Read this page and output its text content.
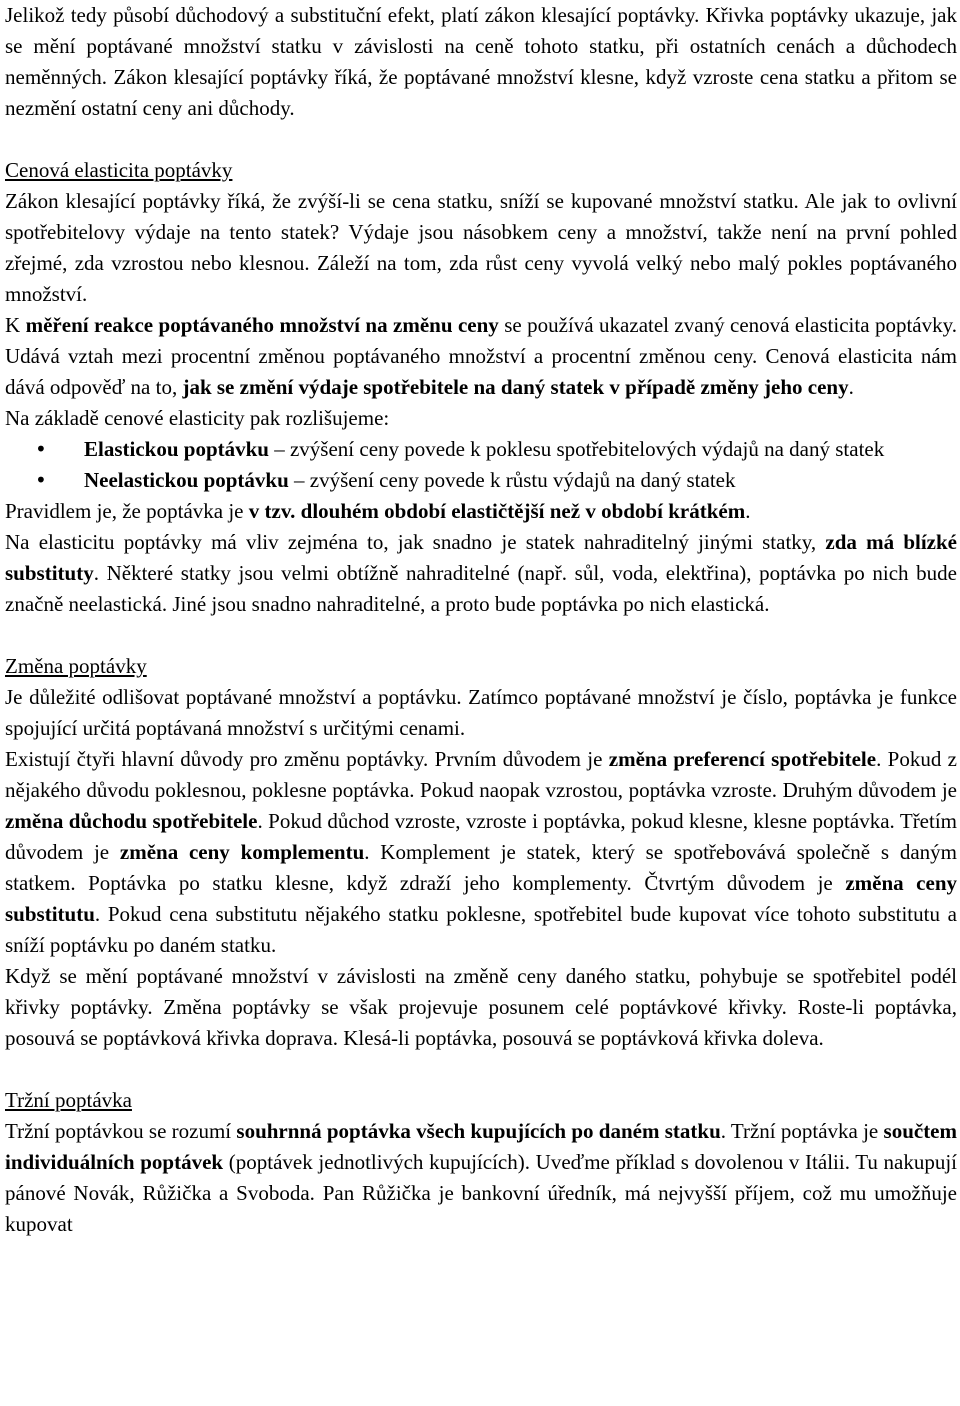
Jelikož tedy působí důchodový a substituční efekt, platí zákon klesající poptávky. Křivka poptávky ukazuje, jak se mění poptávané množství statku v závislosti na ceně tohoto statku, při ostatních cenách a důchodech neměnných. Zákon klesající poptávky říká, že poptávané množství klesne, když vzroste cena statku a přitom se nezmění ostatní ceny ani důchody.

Cenová elasticita poptávky

Zákon klesající poptávky říká, že zvýší-li se cena statku, sníží se kupované množství statku. Ale jak to ovlivní spotřebitelovy výdaje na tento statek? Výdaje jsou násobkem ceny a množství, takže není na první pohled zřejmé, zda vzrostou nebo klesnou. Záleží na tom, zda růst ceny vyvolá velký nebo malý pokles poptávaného množství.

K měření reakce poptávaného množství na změnu ceny se používá ukazatel zvaný cenová elasticita poptávky. Udává vztah mezi procentní změnou poptávaného množství a procentní změnou ceny. Cenová elasticita nám dává odpověď na to, jak se změní výdaje spotřebitele na daný statek v případě změny jeho ceny.

Na základě cenové elasticity pak rozlišujeme:

• Elastickou poptávku – zvýšení ceny povede k poklesu spotřebitelových výdajů na daný statek
• Neelastickou poptávku – zvýšení ceny povede k růstu výdajů na daný statek

Pravidlem je, že poptávka je v tzv. dlouhém období elastičtější než v období krátkém.

Na elasticitu poptávky má vliv zejména to, jak snadno je statek nahraditelný jinými statky, zda má blízké substituty. Některé statky jsou velmi obtížně nahraditelné (např. sůl, voda, elektřina), poptávka po nich bude značně neelastická. Jiné jsou snadno nahraditelné, a proto bude poptávka po nich elastická.

Změna poptávky

Je důležité odlišovat poptávané množství a poptávku. Zatímco poptávané množství je číslo, poptávka je funkce spojující určitá poptávaná množství s určitými cenami.

Existují čtyři hlavní důvody pro změnu poptávky. Prvním důvodem je změna preferencí spotřebitele. Pokud z nějakého důvodu poklesnou, poklesne poptávka. Pokud naopak vzrostou, poptávka vzroste. Druhým důvodem je změna důchodu spotřebitele. Pokud důchod vzroste, vzroste i poptávka, pokud klesne, klesne poptávka. Třetím důvodem je změna ceny komplementu. Komplement je statek, který se spotřebovává společně s daným statkem. Poptávka po statku klesne, když zdraží jeho komplementy. Čtvrtým důvodem je změna ceny substitutu. Pokud cena substitutu nějakého statku poklesne, spotřebitel bude kupovat více tohoto substitutu a sníží poptávku po daném statku.

Když se mění poptávané množství v závislosti na změně ceny daného statku, pohybuje se spotřebitel podél křivky poptávky. Změna poptávky se však projevuje posunem celé poptávkové křivky. Roste-li poptávka, posouvá se poptávková křivka doprava. Klesá-li poptávka, posouvá se poptávková křivka doleva.

Tržní poptávka

Tržní poptávkou se rozumí souhrnná poptávka všech kupujících po daném statku. Tržní poptávka je součtem individuálních poptávek (poptávek jednotlivých kupujících). Uveďme příklad s dovolenou v Itálii. Tu nakupují pánové Novák, Růžička a Svoboda. Pan Růžička je bankovní úředník, má nejvyšší příjem, což mu umožňuje kupovat
